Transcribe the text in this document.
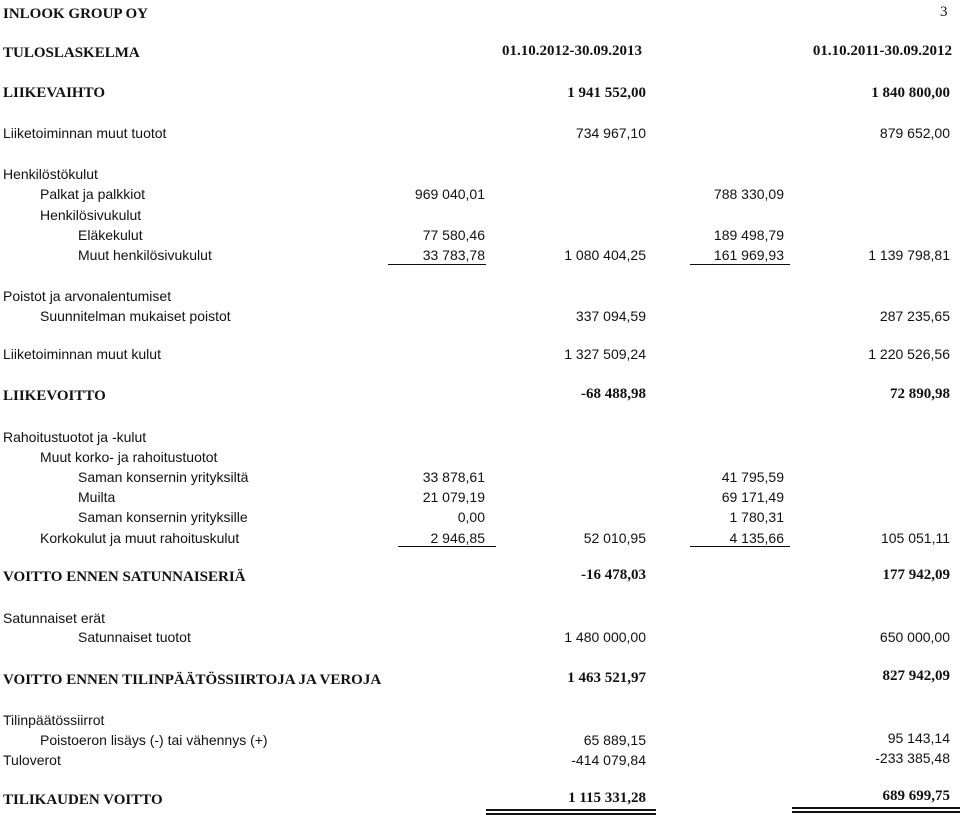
INLOOK GROUP OY	3
TULOSLASKELMA	01.10.2012-30.09.2013	01.10.2011-30.09.2012
LIIKEVAIHTO	1 941 552,00	1 840 800,00
Liiketoiminnan muut tuotot	734 967,10	879 652,00
Henkilöstökulut
Palkat ja palkkiot	969 040,01	788 330,09
Henkilösivukulut
Eläkekulut	77 580,46	189 498,79
Muut henkilösivukulut	33 783,78	1 080 404,25	161 969,93	1 139 798,81
Poistot ja arvonalentumiset
Suunnitelman mukaiset poistot	337 094,59	287 235,65
Liiketoiminnan muut kulut	1 327 509,24	1 220 526,56
LIIKEVOITTO	-68 488,98	72 890,98
Rahoitustuotot ja -kulut
Muut korko- ja rahoitustuotot
Saman konsernin yrityksiltä	33 878,61	41 795,59
Muilta	21 079,19	69 171,49
Saman konsernin yrityksille	0,00	1 780,31
Korkokulut ja muut rahoituskulut	2 946,85	52 010,95	4 135,66	105 051,11
VOITTO ENNEN SATUNNAISERIÄ	-16 478,03	177 942,09
Satunnaiset erät
Satunnaiset tuotot	1 480 000,00	650 000,00
VOITTO ENNEN TILINPÄÄTÖSSIIRTOJA JA VEROJA	1 463 521,97	827 942,09
Tilinpäätössiirrot
Poistoeron lisäys (-) tai vähennys (+)	65 889,15	95 143,14
Tuloverot	-414 079,84	-233 385,48
TILIKAUDEN VOITTO	1 115 331,28	689 699,75
